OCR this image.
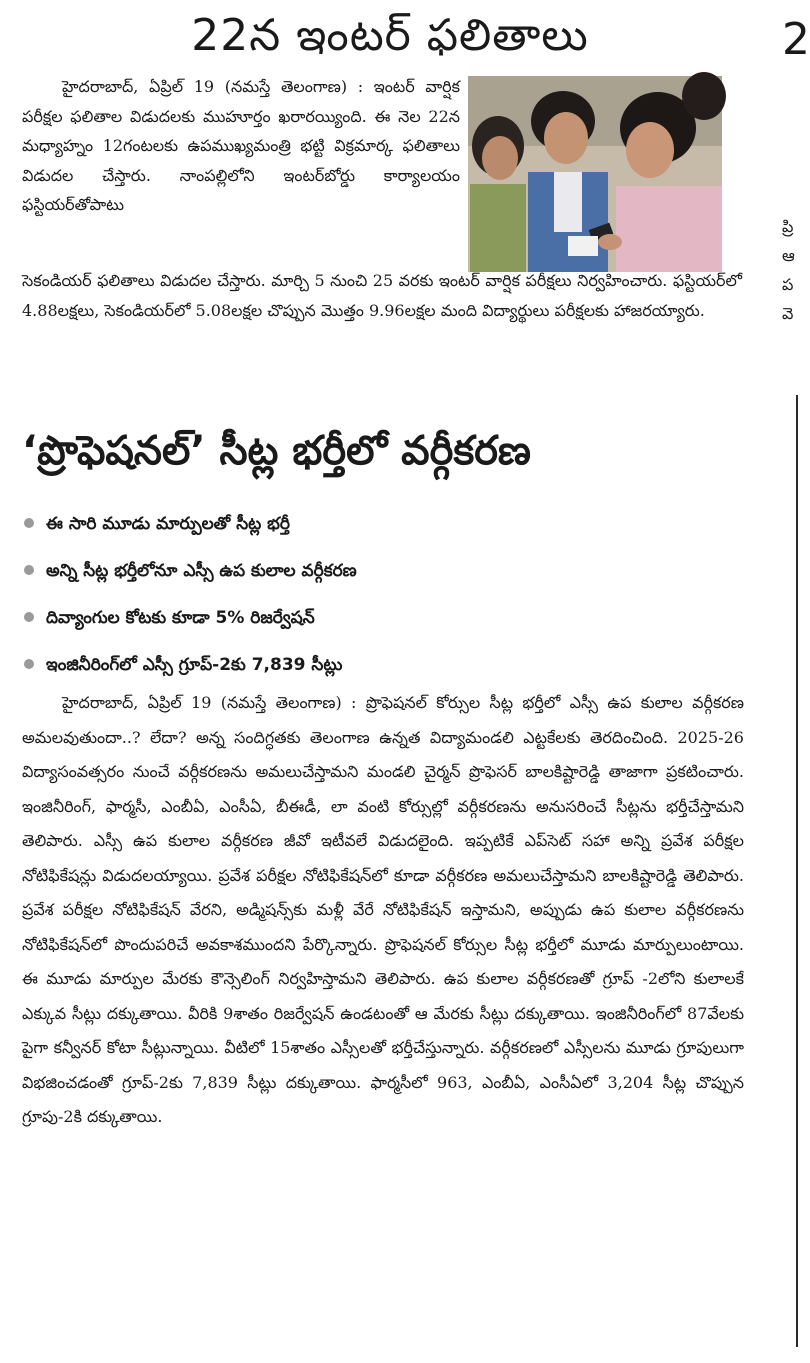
22న ఇంటర్ ఫలితాలు
హైదరాబాద్, ఏప్రిల్ 19 (నమస్తే తెలంగాణ) : ఇంటర్ వార్షిక పరీక్షల ఫలితాల విడుదలకు ముహూర్తం ఖరారయ్యింది. ఈ నెల 22న మధ్యాహ్నం 12గంటలకు ఉపముఖ్యమంత్రి భట్టి విక్రమార్క ఫలితాలు విడుదల చేస్తారు. నాంపల్లిలోని ఇంటర్‌బోర్డు కార్యాలయం ఫస్టియర్‌తోపాటు
సెకండియర్ ఫలితాలు విడుదల చేస్తారు. మార్చి 5 నుంచి 25 వరకు ఇంటర్ వార్షిక పరీక్షలు నిర్వహించారు. ఫస్టియర్‌లో 4.88లక్షలు, సెకండియర్‌లో 5.08లక్షల చొప్పున మొత్తం 9.96లక్షల మంది విద్యార్థులు పరీక్షలకు హాజరయ్యారు.
‘ప్రొఫెషనల్’ సీట్ల భర్తీలో వర్గీకరణ
ఈ సారి మూడు మార్పులతో సీట్ల భర్తీ
అన్ని సీట్ల భర్తీలోనూ ఎస్సీ ఉప కులాల వర్గీకరణ
దివ్యాంగుల కోటకు కూడా 5% రిజర్వేషన్
ఇంజినీరింగ్‌లో ఎస్సీ గ్రూప్-2కు 7,839 సీట్లు
హైదరాబాద్, ఏప్రిల్ 19 (నమస్తే తెలంగాణ) : ప్రొఫెషనల్ కోర్సుల సీట్ల భర్తీలో ఎస్సీ ఉప కులాల వర్గీకరణ అమలవుతుందా..? లేదా? అన్న సందిగ్ధతకు తెలంగాణ ఉన్నత విద్యామండలి ఎట్టకేలకు తెరదించింది. 2025-26 విద్యాసంవత్సరం నుంచే వర్గీకరణను అమలుచేస్తామని మండలి చైర్మన్ ప్రొఫెసర్ బాలకిష్టారెడ్డి తాజాగా ప్రకటించారు. ఇంజినీరింగ్, ఫార్మసీ, ఎంబీఏ, ఎంసీఏ, బీఈడీ, లా వంటి కోర్సుల్లో వర్గీకరణను అనుసరించే సీట్లను భర్తీచేస్తామని తెలిపారు. ఎస్సీ ఉప కులాల వర్గీకరణ జీవో ఇటీవలే విడుదలైంది. ఇప్పటికే ఎప్‌సెట్ సహా అన్ని ప్రవేశ పరీక్షల నోటిఫికేషన్లు విడుదలయ్యాయి. ప్రవేశ పరీక్షల నోటిఫికేషన్‌లో కూడా వర్గీకరణ అమలుచేస్తామని బాలకిష్టారెడ్డి తెలిపారు. ప్రవేశ పరీక్షల నోటిఫికేషన్ వేరని, అడ్మిషన్స్‌కు మళ్లీ వేరే నోటిఫికేషన్ ఇస్తామని, అప్పుడు ఉప కులాల వర్గీకరణను నోటిఫికేషన్‌లో పొందుపరిచే అవకాశముందని పేర్కొన్నారు. ప్రొఫెషనల్ కోర్సుల సీట్ల భర్తీలో మూడు మార్పులుంటాయి. ఈ మూడు మార్పుల మేరకు కౌన్సెలింగ్ నిర్వహిస్తామని తెలిపారు. ఉప కులాల వర్గీకరణతో గ్రూప్ -2లోని కులాలకే ఎక్కువ సీట్లు దక్కుతాయి. వీరికి 9శాతం రిజర్వేషన్ ఉండటంతో ఆ మేరకు సీట్లు దక్కుతాయి. ఇంజినీరింగ్‌లో 87వేలకు పైగా కన్వీనర్ కోటా సీట్లున్నాయి. వీటిలో 15శాతం ఎస్సీలతో భర్తీచేస్తున్నారు. వర్గీకరణలో ఎస్సీలను మూడు గ్రూపులుగా విభజించడంతో గ్రూప్-2కు 7,839 సీట్లు దక్కుతాయి. ఫార్మసీలో 963, ఎంబీఏ, ఎంసీఏలో 3,204 సీట్ల చొప్పున గ్రూపు-2కి దక్కుతాయి.
2
ప్రి
ఆ
ప
వె
